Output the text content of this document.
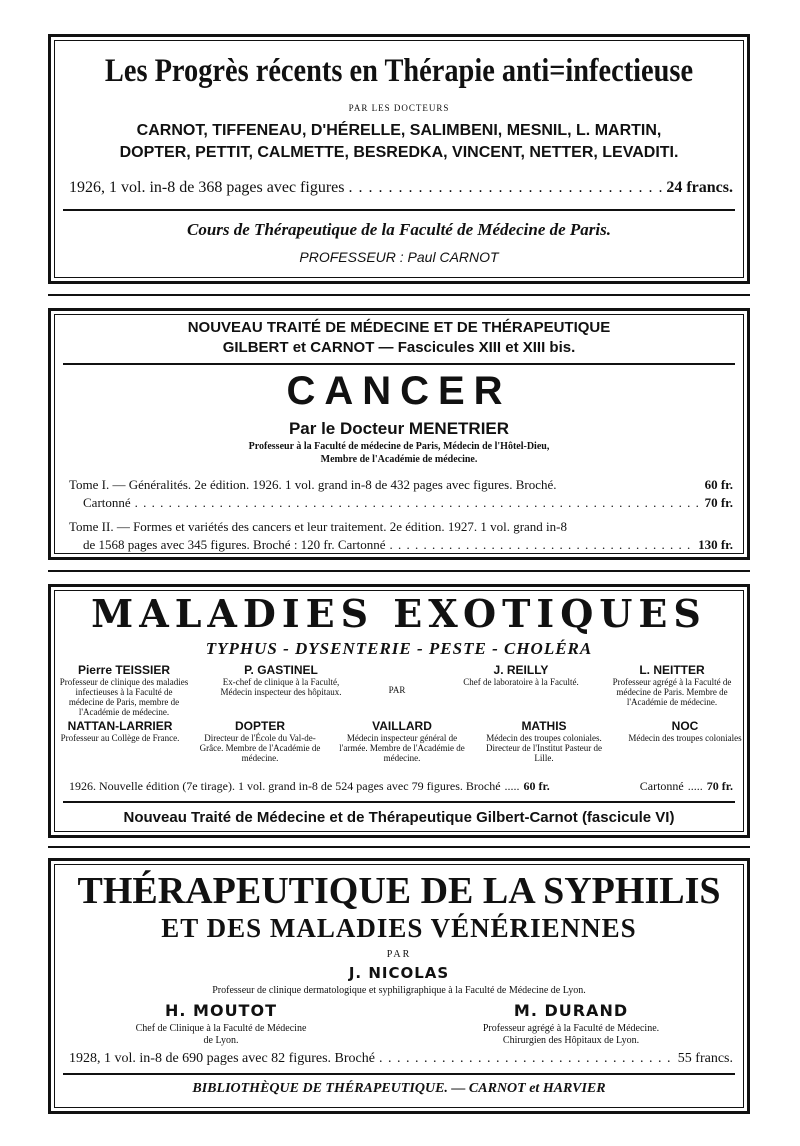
Les Progrès récents en Thérapie anti=infectieuse
PAR LES DOCTEURS
CARNOT, TIFFENEAU, D'HÉRELLE, SALIMBENI, MESNIL, L. MARTIN,
DOPTER, PETTIT, CALMETTE, BESREDKA, VINCENT, NETTER, LEVADITI.
1926, 1 vol. in-8 de 368 pages avec figures . . .	24 francs.
Cours de Thérapeutique de la Faculté de Médecine de Paris.
PROFESSEUR : Paul CARNOT
NOUVEAU TRAITÉ DE MÉDECINE ET DE THÉRAPEUTIQUE
GILBERT et CARNOT — Fascicules XIII et XIII bis.
CANCER
Par le Docteur MENETRIER
Professeur à la Faculté de médecine de Paris, Médecin de l'Hôtel-Dieu,
Membre de l'Académie de médecine.
Tome I. — Généralités. 2e édition. 1926. 1 vol. grand in-8 de 432 pages avec figures. Broché.	60 fr.
Cartonné . . .	70 fr.
Tome II. — Formes et variétés des cancers et leur traitement. 2e édition. 1927. 1 vol. grand in-8
de 1568 pages avec 345 figures. Broché : 120 fr. Cartonné . . .	130 fr.
MALADIES EXOTIQUES
TYPHUS - DYSENTERIE - PESTE - CHOLÉRA
Pierre TEISSIER
Professeur de clinique des maladies infectieuses à la Faculté de médecine de Paris, membre de l'Académie de médecine.
P. GASTINEL
Ex-chef de clinique à la Faculté, Médecin inspecteur des hôpitaux.	PAR
J. REILLY
Chef de laboratoire à la Faculté.
L. NEITTER
Professeur agrégé à la Faculté de médecine de Paris. Membre de l'Académie de médecine.
NATTAN-LARRIER
Professeur au Collège de France.
DOPTER
Directeur de l'École du Val-de-Grâce. Membre de l'Académie de médecine.
VAILLARD
Médecin inspecteur général de l'armée. Membre de l'Académie de médecine.
MATHIS
Médecin des troupes coloniales. Directeur de l'Institut Pasteur de Lille.
NOC
Médecin des troupes coloniales
1926. Nouvelle édition (7e tirage). 1 vol. grand in-8 de 524 pages avec 79 figures. Broché ..... 60 fr.	Cartonné ..... 70 fr.
Nouveau Traité de Médecine et de Thérapeutique Gilbert-Carnot (fascicule VI)
THÉRAPEUTIQUE DE LA SYPHILIS
ET DES MALADIES VÉNÉRIENNES
PAR
J. NICOLAS
Professeur de clinique dermatologique et syphiligraphique à la Faculté de Médecine de Lyon.
H. MOUTOT
Chef de Clinique à la Faculté de Médecine
de Lyon.
M. DURAND
Professeur agrégé à la Faculté de Médecine.
Chirurgien des Hôpitaux de Lyon.
1928, 1 vol. in-8 de 690 pages avec 82 figures. Broché . . .	55 francs.
BIBLIOTHÈQUE DE THÉRAPEUTIQUE. — CARNOT et HARVIER
